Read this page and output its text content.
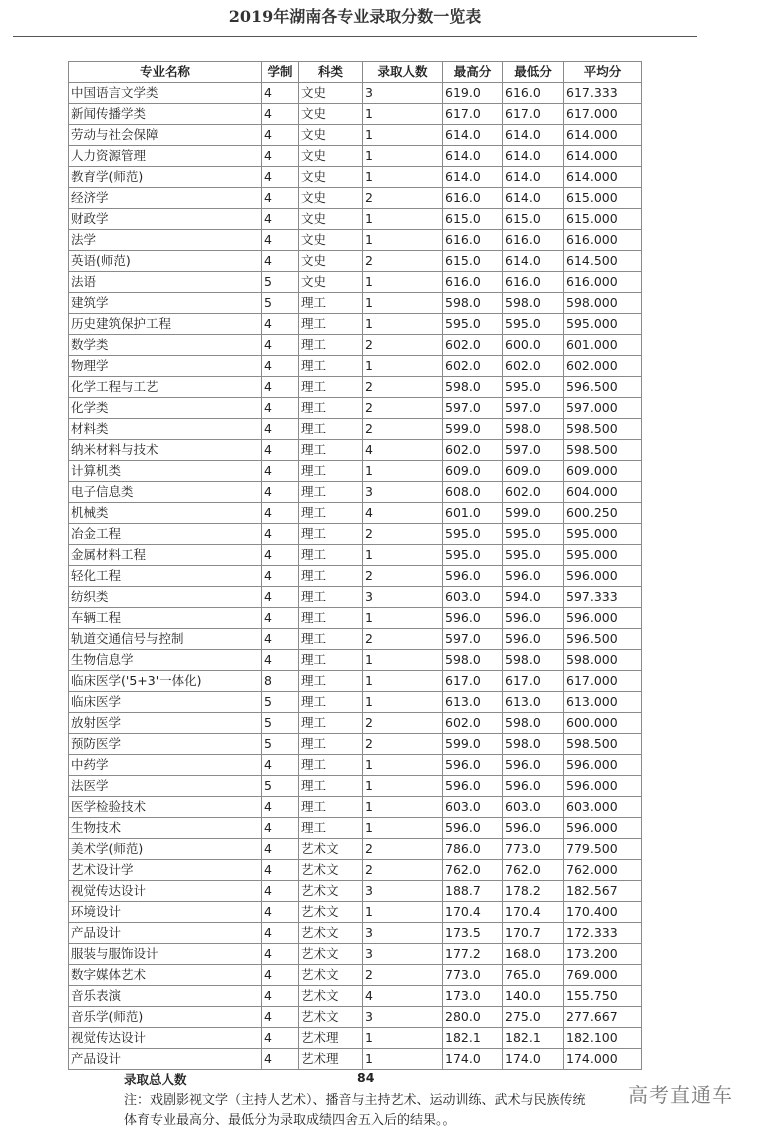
2019年湖南各专业录取分数一览表
专业名称	学制	科类	录取人数	最高分	最低分	平均分
中国语言文学类	4	文史	3	619.0	616.0	617.333
新闻传播学类	4	文史	1	617.0	617.0	617.000
劳动与社会保障	4	文史	1	614.0	614.0	614.000
人力资源管理	4	文史	1	614.0	614.0	614.000
教育学(师范)	4	文史	1	614.0	614.0	614.000
经济学	4	文史	2	616.0	614.0	615.000
财政学	4	文史	1	615.0	615.0	615.000
法学	4	文史	1	616.0	616.0	616.000
英语(师范)	4	文史	2	615.0	614.0	614.500
法语	5	文史	1	616.0	616.0	616.000
建筑学	5	理工	1	598.0	598.0	598.000
历史建筑保护工程	4	理工	1	595.0	595.0	595.000
数学类	4	理工	2	602.0	600.0	601.000
物理学	4	理工	1	602.0	602.0	602.000
化学工程与工艺	4	理工	2	598.0	595.0	596.500
化学类	4	理工	2	597.0	597.0	597.000
材料类	4	理工	2	599.0	598.0	598.500
纳米材料与技术	4	理工	4	602.0	597.0	598.500
计算机类	4	理工	1	609.0	609.0	609.000
电子信息类	4	理工	3	608.0	602.0	604.000
机械类	4	理工	4	601.0	599.0	600.250
冶金工程	4	理工	2	595.0	595.0	595.000
金属材料工程	4	理工	1	595.0	595.0	595.000
轻化工程	4	理工	2	596.0	596.0	596.000
纺织类	4	理工	3	603.0	594.0	597.333
车辆工程	4	理工	1	596.0	596.0	596.000
轨道交通信号与控制	4	理工	2	597.0	596.0	596.500
生物信息学	4	理工	1	598.0	598.0	598.000
临床医学('5+3'一体化)	8	理工	1	617.0	617.0	617.000
临床医学	5	理工	1	613.0	613.0	613.000
放射医学	5	理工	2	602.0	598.0	600.000
预防医学	5	理工	2	599.0	598.0	598.500
中药学	4	理工	1	596.0	596.0	596.000
法医学	5	理工	1	596.0	596.0	596.000
医学检验技术	4	理工	1	603.0	603.0	603.000
生物技术	4	理工	1	596.0	596.0	596.000
美术学(师范)	4	艺术文	2	786.0	773.0	779.500
艺术设计学	4	艺术文	2	762.0	762.0	762.000
视觉传达设计	4	艺术文	3	188.7	178.2	182.567
环境设计	4	艺术文	1	170.4	170.4	170.400
产品设计	4	艺术文	3	173.5	170.7	172.333
服装与服饰设计	4	艺术文	3	177.2	168.0	173.200
数字媒体艺术	4	艺术文	2	773.0	765.0	769.000
音乐表演	4	艺术文	4	173.0	140.0	155.750
音乐学(师范)	4	艺术文	3	280.0	275.0	277.667
视觉传达设计	4	艺术理	1	182.1	182.1	182.100
产品设计	4	艺术理	1	174.0	174.0	174.000
录取总人数	84
注：戏剧影视文学（主持人艺术）、播音与主持艺术、运动训练、武术与民族传统体育专业最高分、最低分为录取成绩四舍五入后的结果。。
高考直通车
